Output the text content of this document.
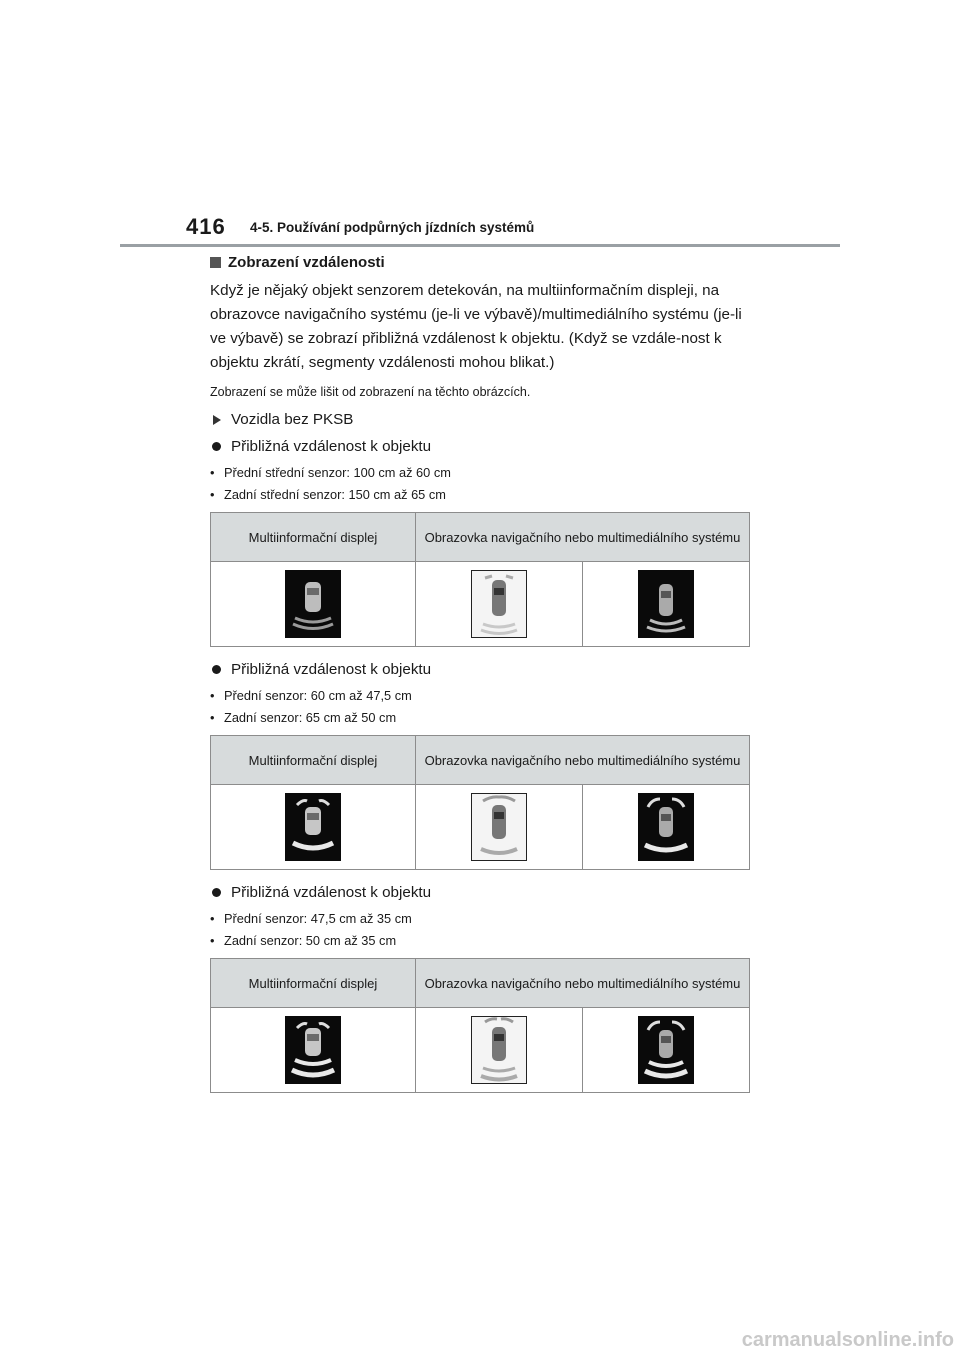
416 4-5. Používání podpůrných jízdních systémů
Zobrazení vzdálenosti

Když je nějaký objekt senzorem detekován, na multiinformačním displeji, na obrazovce navigačního systému (je-li ve výbavě)/multimediálního systému (je-li ve výbavě) se zobrazí přibližná vzdálenost k objektu. (Když se vzdále-nost k objektu zkrátí, segmenty vzdálenosti mohou blikat.)

Zobrazení se může lišit od zobrazení na těchto obrázcích.

Vozidla bez PKSB
Přibližná vzdálenost k objektu
• Přední střední senzor: 100 cm až 60 cm
• Zadní střední senzor: 150 cm až 65 cm
Multiinformační displej	Obrazovka navigačního nebo multimediálního systému	

Přibližná vzdálenost k objektu
• Přední senzor: 60 cm až 47,5 cm
• Zadní senzor: 65 cm až 50 cm
Multiinformační displej	Obrazovka navigačního nebo multimediálního systému	

Přibližná vzdálenost k objektu
• Přední senzor: 47,5 cm až 35 cm
• Zadní senzor: 50 cm až 35 cm
Multiinformační displej	Obrazovka navigačního nebo multimediálního systému	

carmanualsonline.info
